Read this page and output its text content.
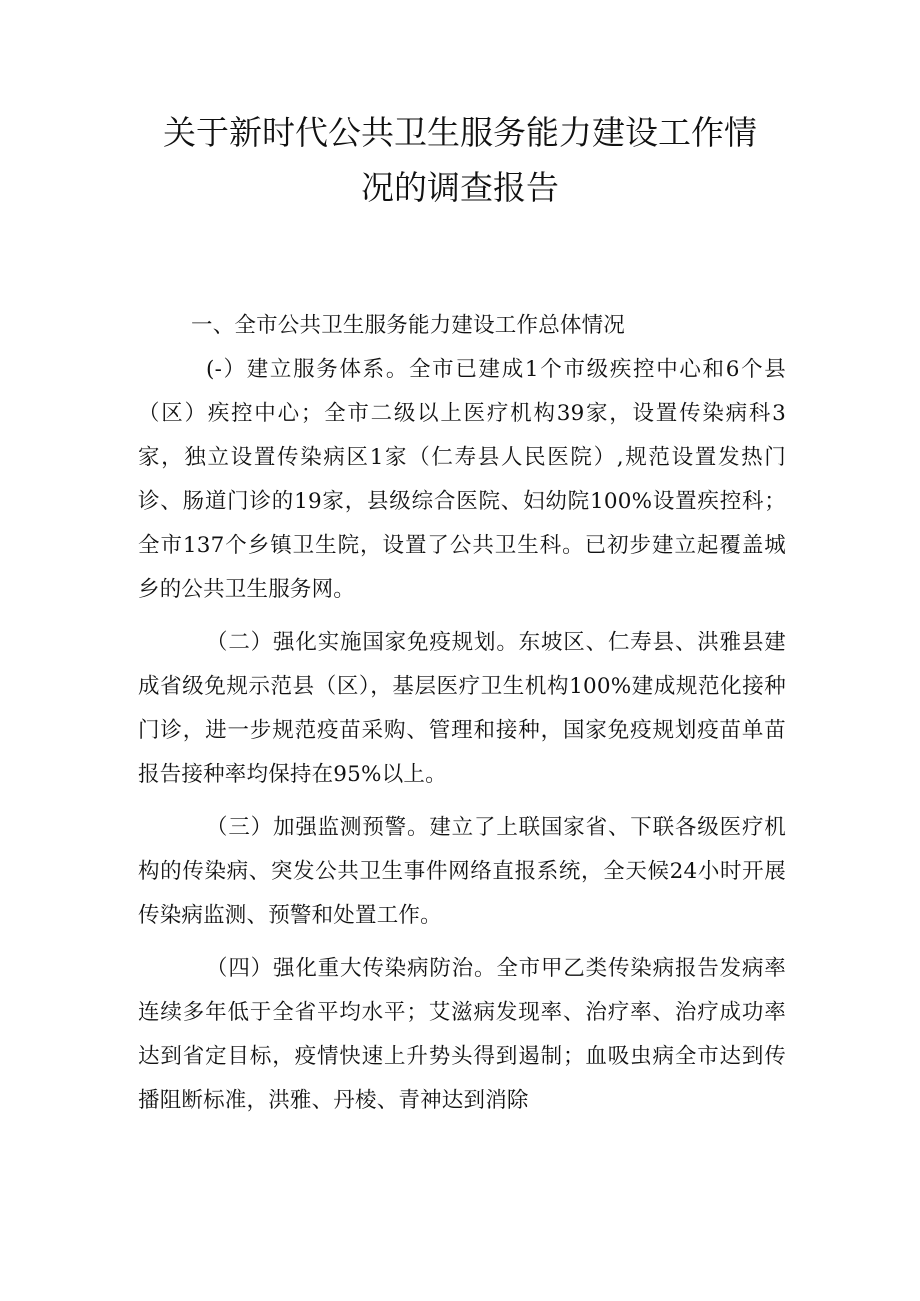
关于新时代公共卫生服务能力建设工作情
况的调查报告
一、全市公共卫生服务能力建设工作总体情况

(-）建立服务体系。全市已建成1个市级疾控中心和6个县（区）疾控中心；全市二级以上医疗机构39家，设置传染病科3家，独立设置传染病区1家（仁寿县人民医院）,规范设置发热门诊、肠道门诊的19家，县级综合医院、妇幼院100%设置疾控科；全市137个乡镇卫生院，设置了公共卫生科。已初步建立起覆盖城乡的公共卫生服务网。

（二）强化实施国家免疫规划。东坡区、仁寿县、洪雅县建成省级免规示范县（区），基层医疗卫生机构100%建成规范化接种门诊，进一步规范疫苗采购、管理和接种，国家免疫规划疫苗单苗报告接种率均保持在95%以上。

（三）加强监测预警。建立了上联国家省、下联各级医疗机构的传染病、突发公共卫生事件网络直报系统，全天候24小时开展传染病监测、预警和处置工作。

（四）强化重大传染病防治。全市甲乙类传染病报告发病率连续多年低于全省平均水平；艾滋病发现率、治疗率、治疗成功率达到省定目标，疫情快速上升势头得到遏制；血吸虫病全市达到传播阻断标准，洪雅、丹棱、青神达到消除
